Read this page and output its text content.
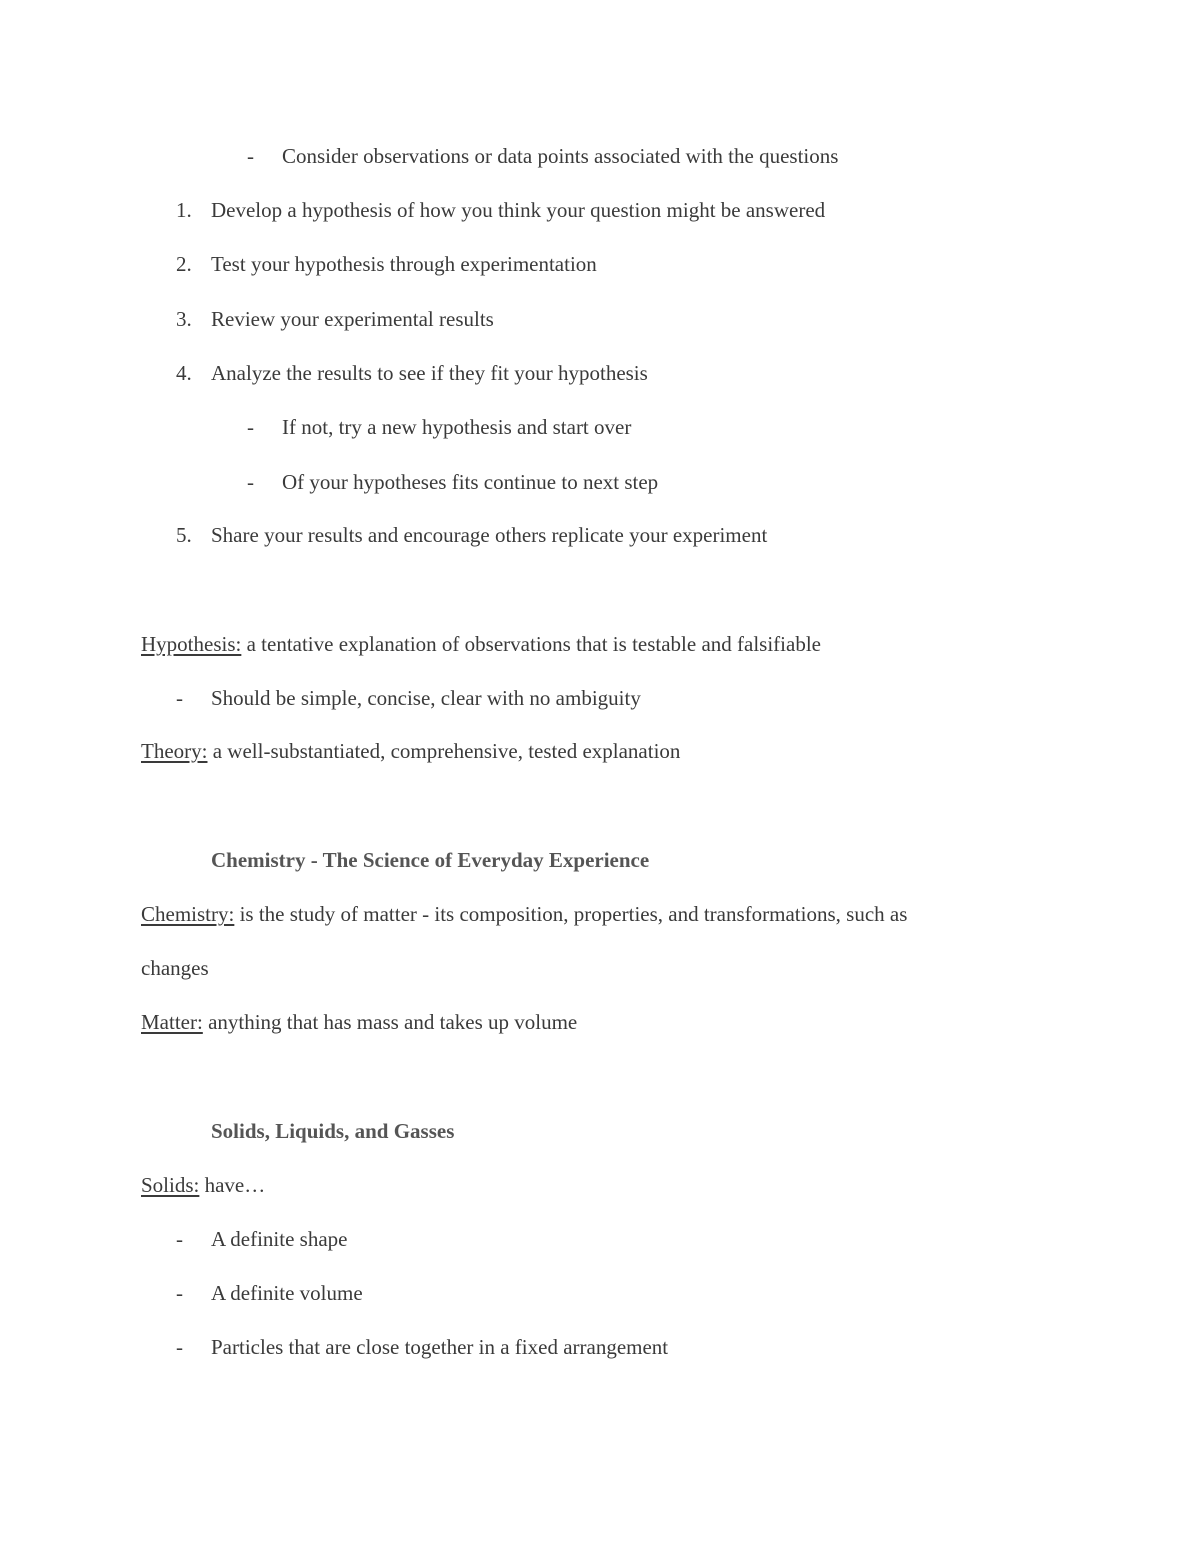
- Consider observations or data points associated with the questions
1. Develop a hypothesis of how you think your question might be answered
2. Test your hypothesis through experimentation
3. Review your experimental results
4. Analyze the results to see if they fit your hypothesis
- If not, try a new hypothesis and start over
- Of your hypotheses fits continue to next step
5. Share your results and encourage others replicate your experiment
Hypothesis: a tentative explanation of observations that is testable and falsifiable
- Should be simple, concise, clear with no ambiguity
Theory: a well-substantiated, comprehensive, tested explanation
Chemistry - The Science of Everyday Experience
Chemistry: is the study of matter - its composition, properties, and transformations, such as
changes
Matter: anything that has mass and takes up volume
Solids, Liquids, and Gasses
Solids: have…
- A definite shape
- A definite volume
- Particles that are close together in a fixed arrangement
